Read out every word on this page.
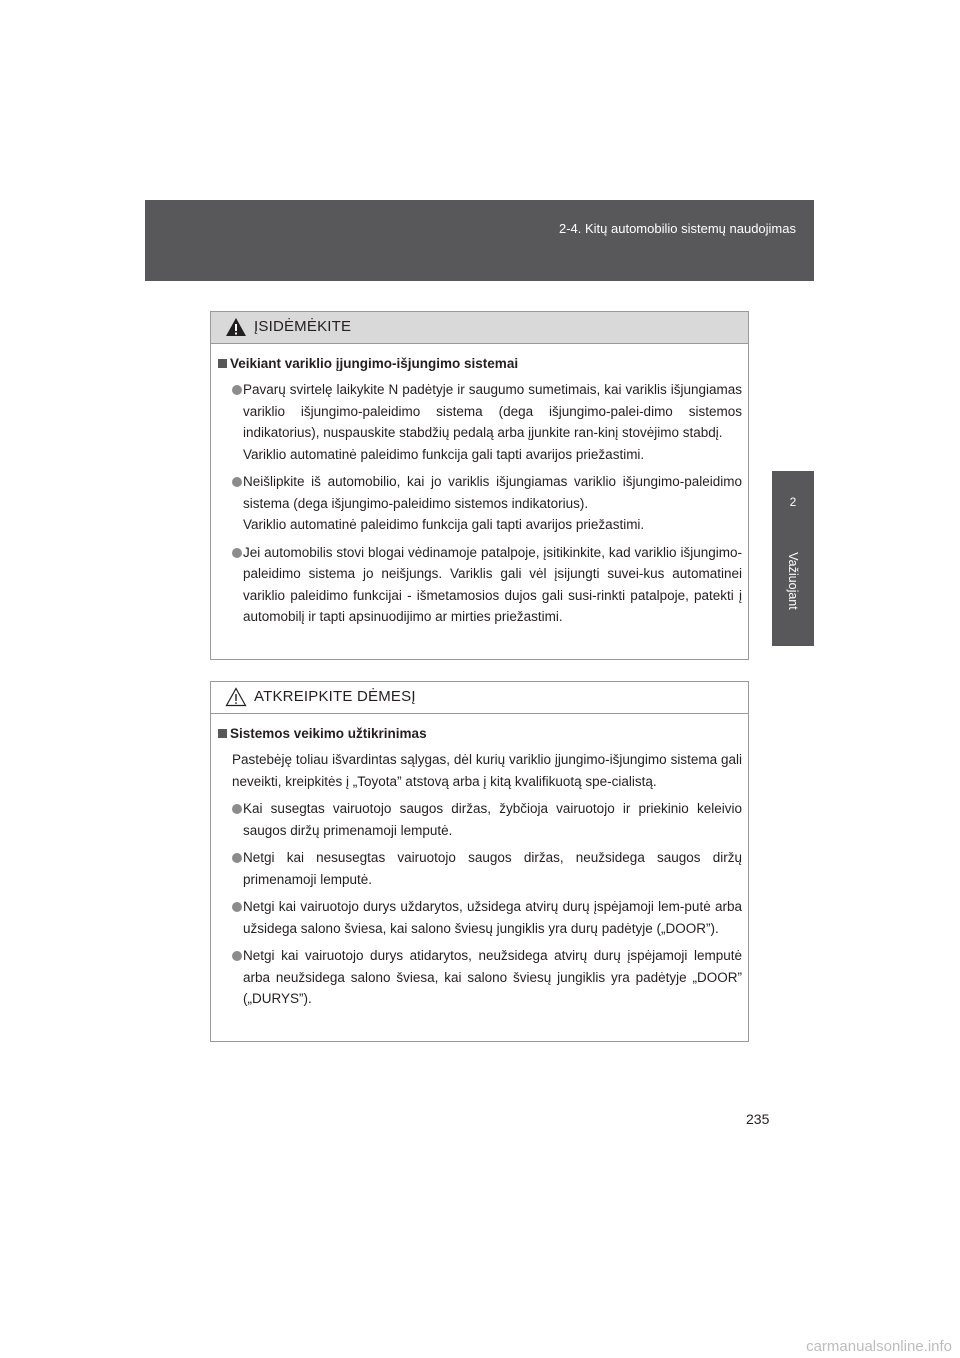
2-4. Kitų automobilio sistemų naudojimas
2
Važiuojant
ĮSIDĖMĖKITE
Veikiant variklio įjungimo-išjungimo sistemai
Pavarų svirtelę laikykite N padėtyje ir saugumo sumetimais, kai variklis išjungiamas variklio išjungimo-paleidimo sistema (dega išjungimo-palei-dimo sistemos indikatorius), nuspauskite stabdžių pedalą arba įjunkite ran-kinį stovėjimo stabdį.
Variklio automatinė paleidimo funkcija gali tapti avarijos priežastimi.
Neišlipkite iš automobilio, kai jo variklis išjungiamas variklio išjungimo-paleidimo sistema (dega išjungimo-paleidimo sistemos indikatorius).
Variklio automatinė paleidimo funkcija gali tapti avarijos priežastimi.
Jei automobilis stovi blogai vėdinamoje patalpoje, įsitikinkite, kad variklio išjungimo-paleidimo sistema jo neišjungs. Variklis gali vėl įsijungti suvei-kus automatinei variklio paleidimo funkcijai - išmetamosios dujos gali susi-rinkti patalpoje, patekti į automobilį ir tapti apsinuodijimo ar mirties priežastimi.
ATKREIPKITE DĖMESĮ
Sistemos veikimo užtikrinimas
Pastebėję toliau išvardintas sąlygas, dėl kurių variklio įjungimo-išjungimo sistema gali neveikti, kreipkitės į „Toyota” atstovą arba į kitą kvalifikuotą spe-cialistą.
Kai susegtas vairuotojo saugos diržas, žybčioja vairuotojo ir priekinio keleivio saugos diržų primenamoji lemputė.
Netgi kai nesusegtas vairuotojo saugos diržas, neužsidega saugos diržų primenamoji lemputė.
Netgi kai vairuotojo durys uždarytos, užsidega atvirų durų įspėjamoji lem-putė arba užsidega salono šviesa, kai salono šviesų jungiklis yra durų padėtyje („DOOR”).
Netgi kai vairuotojo durys atidarytos, neužsidega atvirų durų įspėjamoji lemputė arba neužsidega salono šviesa, kai salono šviesų jungiklis yra padėtyje „DOOR” („DURYS”).
235
carmanualsonline.info
